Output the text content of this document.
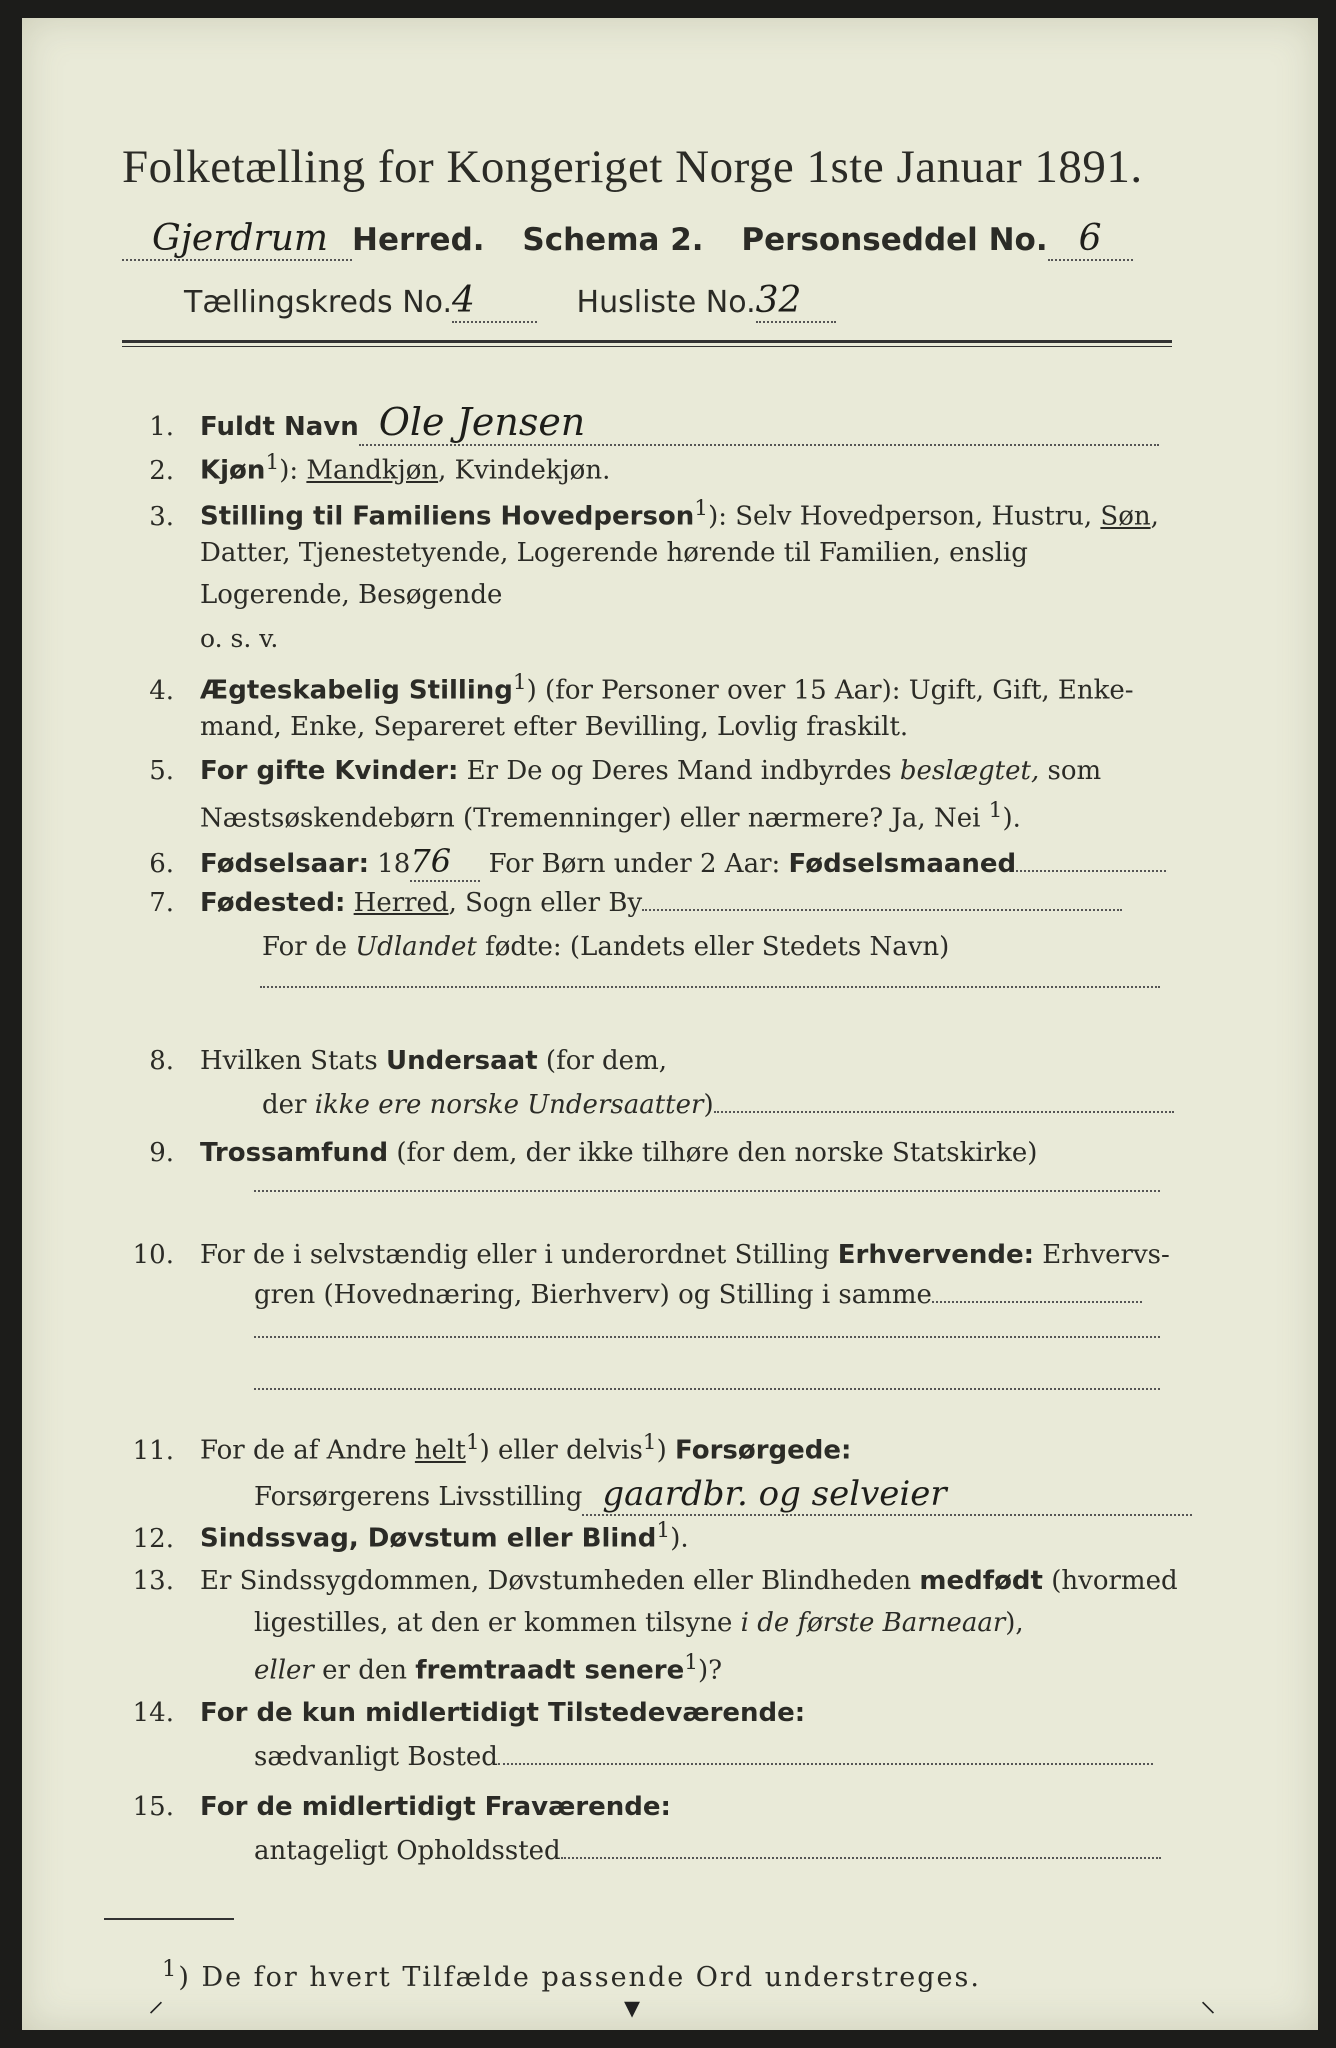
Folketælling for Kongeriget Norge 1ste Januar 1891.
Gjerdrum Herred. Schema 2. Personseddel No. 6
Tællingskreds No.4	Husliste No.32
1. Fuldt Navn Ole Jensen
2. Kjøn$^1$): Mandkjøn, Kvindekjøn.
3. Stilling til Familiens Hovedperson$^1$): Selv Hovedperson, Hustru, Søn,
Datter, Tjenestetyende, Logerende hørende til Familien, enslig
Logerende, Besøgende
o. s. v.
4. Ægteskabelig Stilling$^1$) (for Personer over 15 Aar): Ugift, Gift, Enke-
mand, Enke, Separeret efter Bevilling, Lovlig fraskilt.
5. For gifte Kvinder: Er De og Deres Mand indbyrdes beslægtet, som
Næstsøskendebørn (Tremenninger) eller nærmere? Ja, Nei $^1$).
6. Fødselsaar: 1876 For Børn under 2 Aar: Fødselsmaaned
7. Fødested: Herred, Sogn eller By
For de Udlandet fødte: (Landets eller Stedets Navn)
8. Hvilken Stats Undersaat (for dem,
der ikke ere norske Undersaatter)
9. Trossamfund (for dem, der ikke tilhøre den norske Statskirke)
10. For de i selvstændig eller i underordnet Stilling Erhvervende: Erhvervs-
gren (Hovednæring, Bierhverv) og Stilling i samme
11. For de af Andre helt$^1$) eller delvis$^1$) Forsørgede:
Forsørgerens Livsstilling gaardbr. og selveier
12. Sindssvag, Døvstum eller Blind$^1$).
13. Er Sindssygdommen, Døvstumheden eller Blindheden medfødt (hvormed
ligestilles, at den er kommen tilsyne i de første Barneaar),
eller er den fremtraadt senere$^1$)?
14. For de kun midlertidigt Tilstedeværende:
sædvanligt Bosted
15. For de midlertidigt Fraværende:
antageligt Opholdssted
$^1$) De for hvert Tilfælde passende Ord understreges.
⸝	▾	⸜
